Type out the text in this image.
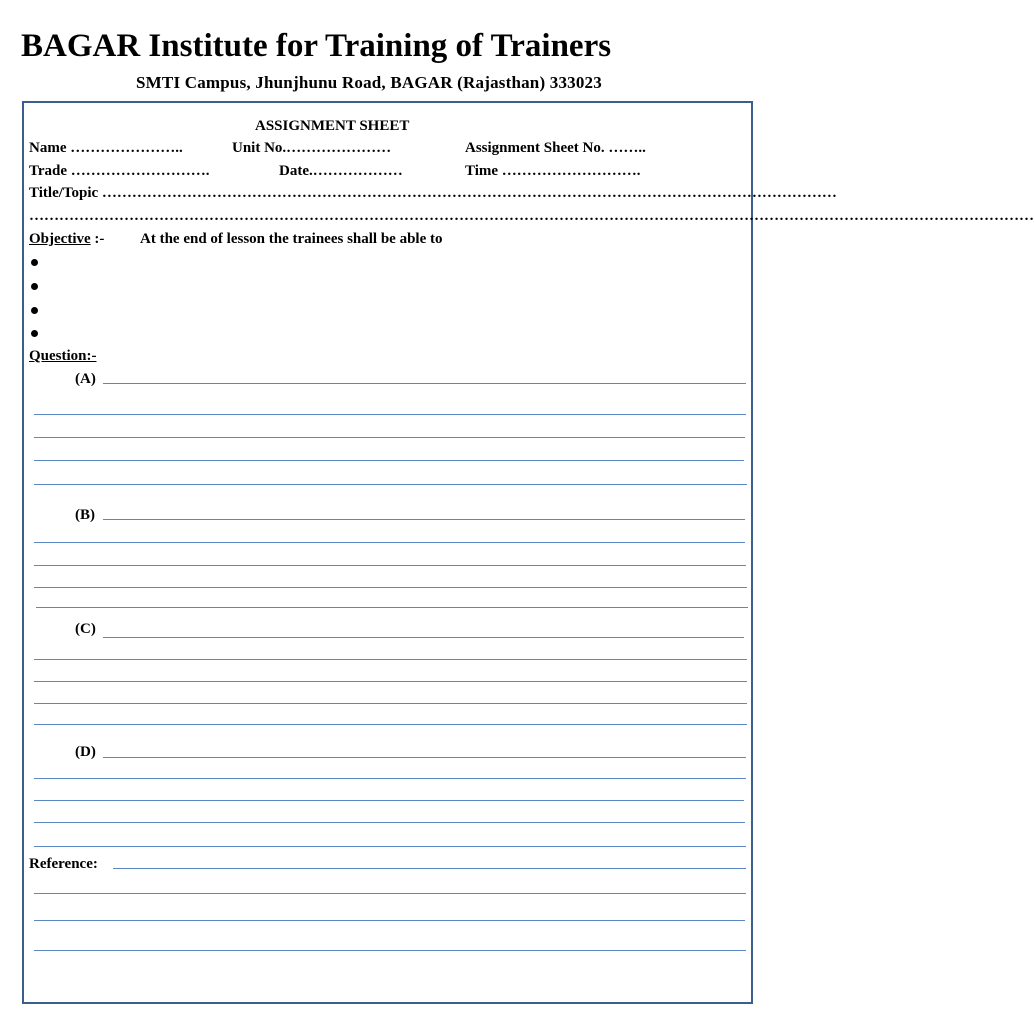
BAGAR Institute for Training of Trainers
SMTI Campus, Jhunjhunu Road, BAGAR (Rajasthan) 333023
ASSIGNMENT SHEET
Name …………………..	Unit No.…………………	Assignment Sheet No. ……..
Trade ……………………….	Date.………………	Time ……………………….
Title/Topic …………………………………………………………………………………………………………………………………
…………………………………………………………………………………………………………………………………………………………………………………
Objective :- At the end of lesson the trainees shall be able to
Question:-
(A)
(B)
(C)
(D)
Reference:
